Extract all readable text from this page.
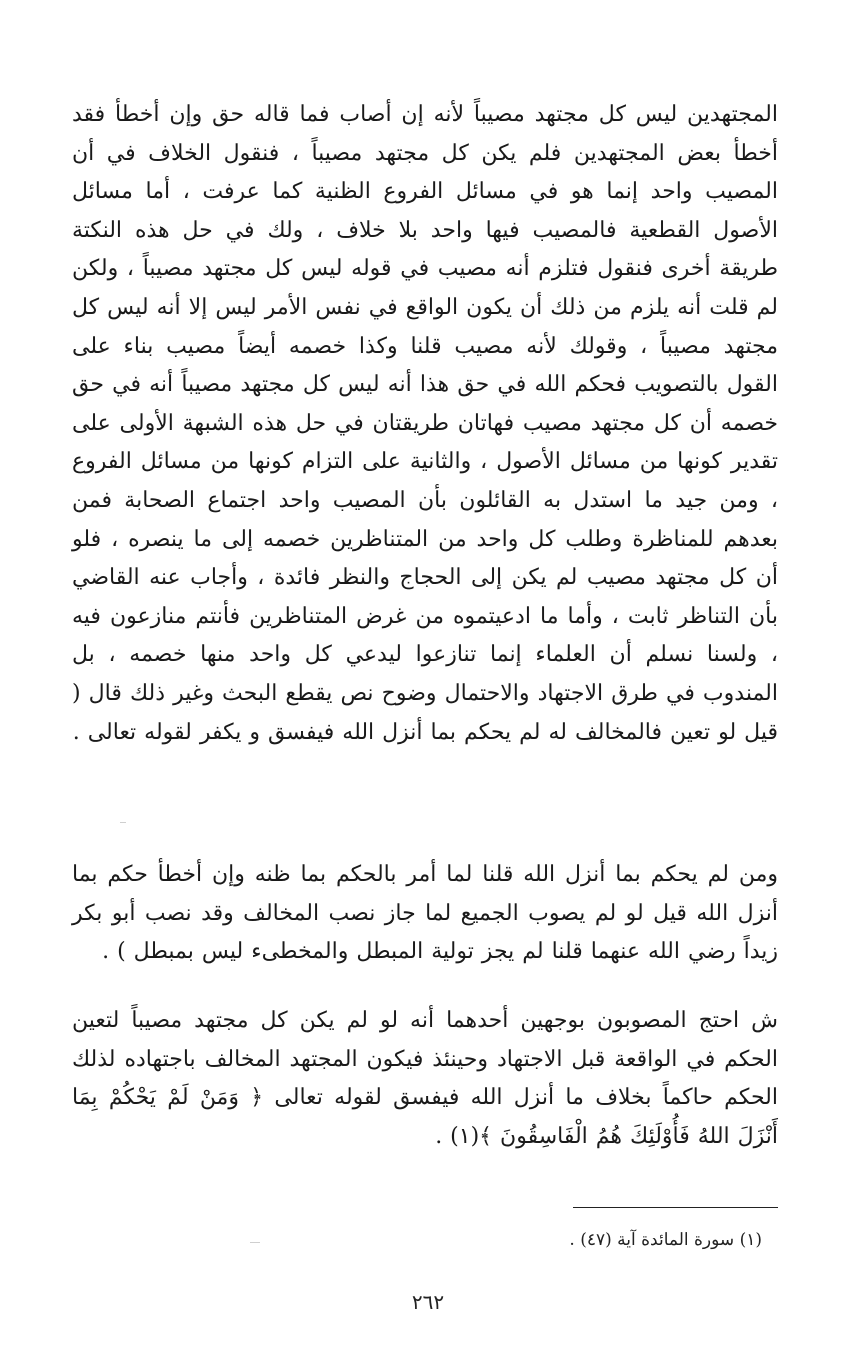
المجتهدين ليس كل مجتهد مصيباً لأنه إن أصاب فما قاله حق وإن أخطأ فقد أخطأ بعض المجتهدين فلم يكن كل مجتهد مصيباً ، فنقول الخلاف في أن المصيب واحد إنما هو في مسائل الفروع الظنية كما عرفت ، أما مسائل الأصول القطعية فالمصيب فيها واحد بلا خلاف ، ولك في حل هذه النكتة طريقة أخرى فنقول فتلزم أنه مصيب في قوله ليس كل مجتهد مصيباً ، ولكن لم قلت أنه يلزم من ذلك أن يكون الواقع في نفس الأمر ليس إلا أنه ليس كل مجتهد مصيباً ، وقولك لأنه مصيب قلنا وكذا خصمه أيضاً مصيب بناء على القول بالتصويب فحكم الله في حق هذا أنه ليس كل مجتهد مصيباً أنه في حق خصمه أن كل مجتهد مصيب فهاتان طريقتان في حل هذه الشبهة الأولى على تقدير كونها من مسائل الأصول ، والثانية على التزام كونها من مسائل الفروع ، ومن جيد ما استدل به القائلون بأن المصيب واحد اجتماع الصحابة فمن بعدهم للمناظرة وطلب كل واحد من المتناظرين خصمه إلى ما ينصره ، فلو أن كل مجتهد مصيب لم يكن إلى الحجاج والنظر فائدة ، وأجاب عنه القاضي بأن التناظر ثابت ، وأما ما ادعيتموه من غرض المتناظرين فأنتم منازعون فيه ، ولسنا نسلم أن العلماء إنما تنازعوا ليدعي كل واحد منها خصمه ، بل المندوب في طرق الاجتهاد والاحتمال وضوح نص يقطع البحث وغير ذلك قال ( قيل لو تعين فالمخالف له لم يحكم بما أنزل الله فيفسق و يكفر لقوله تعالى .

ومن لم يحكم بما أنزل الله قلنا لما أمر بالحكم بما ظنه وإن أخطأ حكم بما أنزل الله قيل لو لم يصوب الجميع لما جاز نصب المخالف وقد نصب أبو بكر زيداً رضي الله عنهما قلنا لم يجز تولية المبطل والمخطىء ليس بمبطل ) .

ش احتج المصوبون بوجهين أحدهما أنه لو لم يكن كل مجتهد مصيباً لتعين الحكم في الواقعة قبل الاجتهاد وحينئذ فيكون المجتهد المخالف باجتهاده لذلك الحكم حاكماً بخلاف ما أنزل الله فيفسق لقوله تعالى ﴿ وَمَنْ لَمْ يَحْكُمْ بِمَا أَنْزَلَ اللهُ فَأُوْلَئِكَ هُمُ الْفَاسِقُونَ ﴾(١) .

(١) سورة المائدة آية (٤٧) .
٢٦٢
